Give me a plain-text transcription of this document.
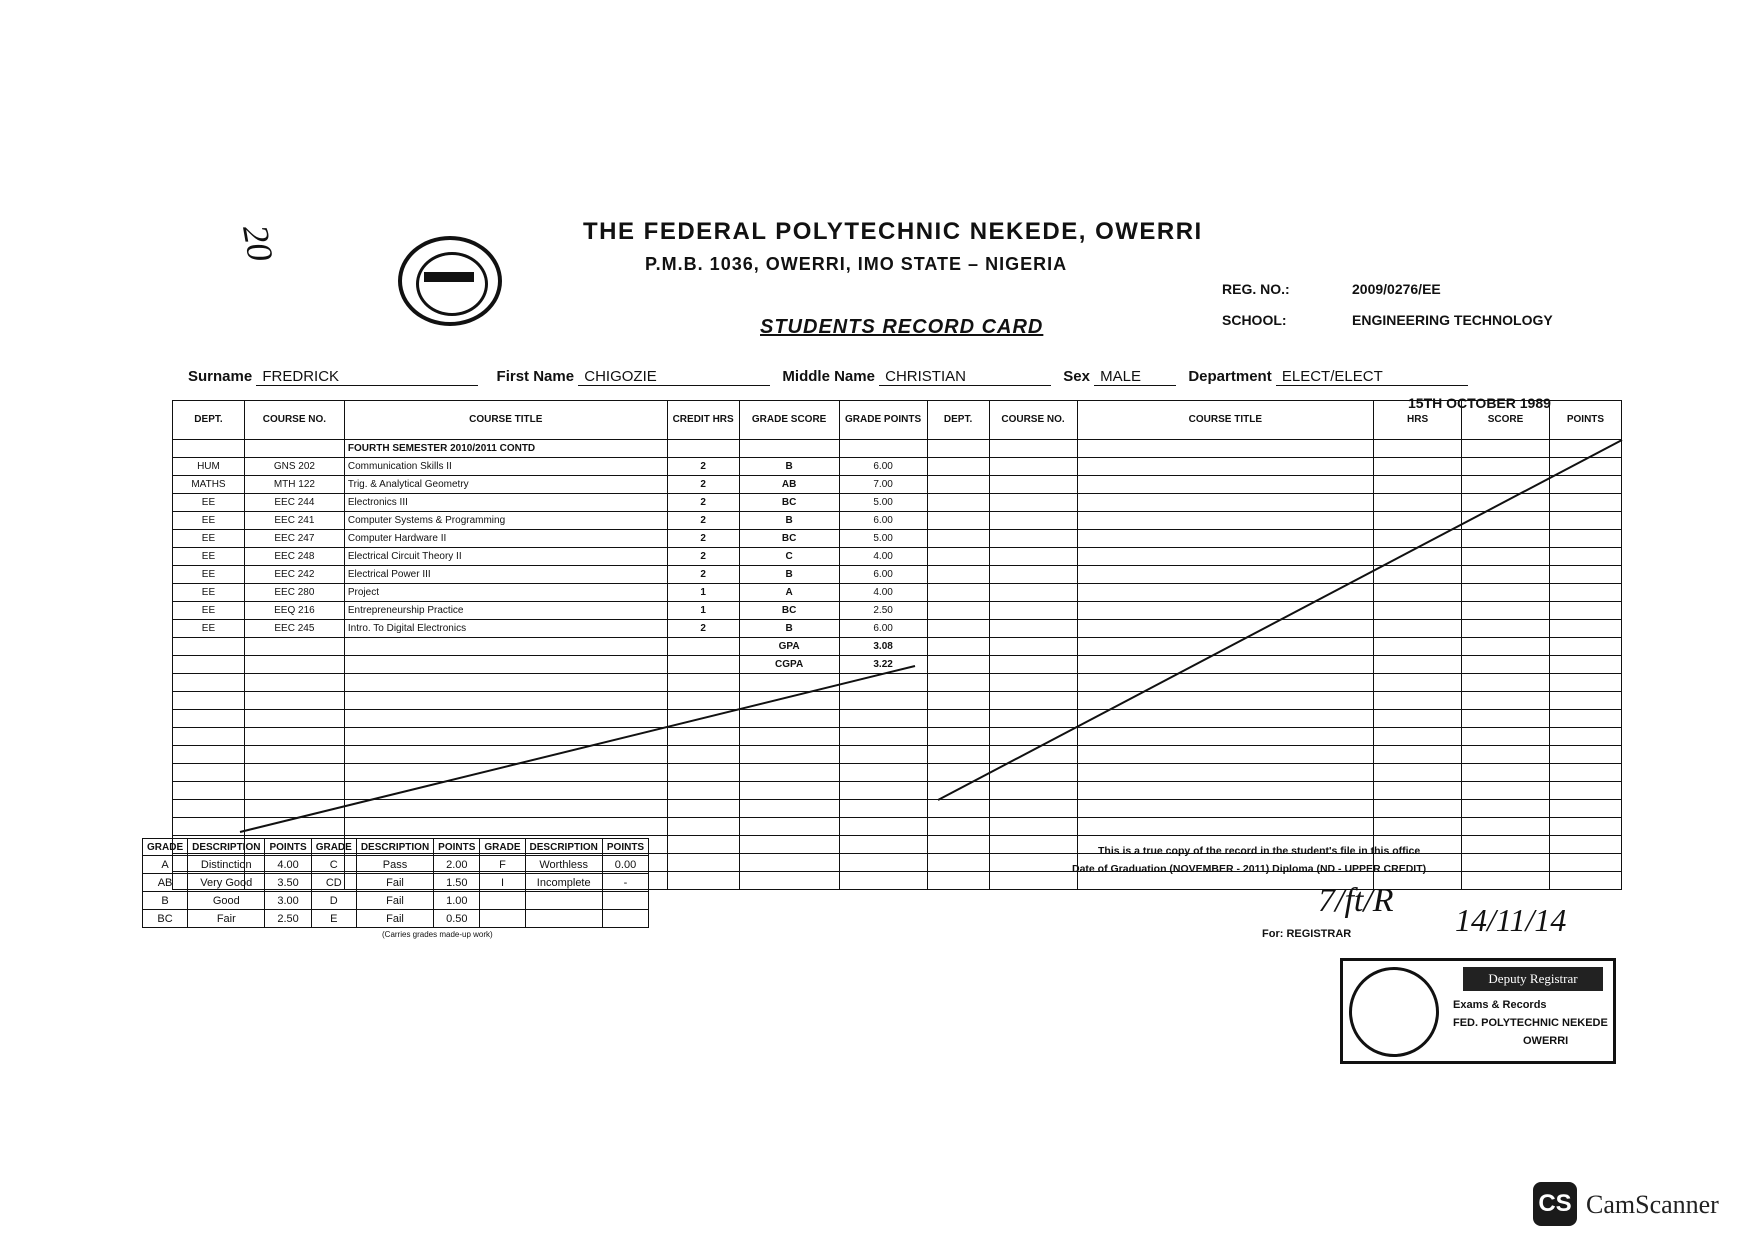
20	THE FEDERAL POLYTECHNIC NEKEDE, OWERRI
P.M.B. 1036, OWERRI, IMO STATE – NIGERIA
STUDENTS RECORD CARD
REG. NO.:	2009/0276/EE
SCHOOL:	ENGINEERING TECHNOLOGY
Surname FREDRICK	First Name CHIGOZIE	Middle Name CHRISTIAN	Sex MALE	Department ELECT/ELECT
15TH OCTOBER 1989
DEPT.	COURSE NO.	COURSE TITLE	CREDIT HRS	GRADE SCORE	GRADE POINTS	DEPT.	COURSE NO.	COURSE TITLE	HRS	SCORE	POINTS
		FOURTH SEMESTER 2010/2011 CONTD									
HUM	GNS 202	Communication Skills II	2	B	6.00						
MATHS	MTH 122	Trig. & Analytical Geometry	2	AB	7.00						
EE	EEC 244	Electronics III	2	BC	5.00						
EE	EEC 241	Computer Systems & Programming	2	B	6.00						
EE	EEC 247	Computer Hardware II	2	BC	5.00						
EE	EEC 248	Electrical Circuit Theory II	2	C	4.00						
EE	EEC 242	Electrical Power III	2	B	6.00						
EE	EEC 280	Project	1	A	4.00						
EE	EEQ 216	Entrepreneurship Practice	1	BC	2.50						
EE	EEC 245	Intro. To Digital Electronics	2	B	6.00						
				GPA	3.08						
				CGPA	3.22						

GRADE	DESCRIPTION	POINTS	GRADE	DESCRIPTION	POINTS	GRADE	DESCRIPTION	POINTS
A	Distinction	4.00	C	Pass	2.00	F	Worthless	0.00
AB	Very Good	3.50	CD	Fail	1.50	I	Incomplete	-
B	Good	3.00	D	Fail	1.00			
BC	Fair	2.50	E	Fail	0.50			
(Carries grades made-up work)
This is a true copy of the record in the student's file in this office
Date of Graduation (NOVEMBER - 2011) Diploma (ND - UPPER CREDIT)
7/ft/R
14/11/14
For: REGISTRAR
Deputy Registrar
Exams & Records
FED. POLYTECHNIC NEKEDE
OWERRI
CS CamScanner
